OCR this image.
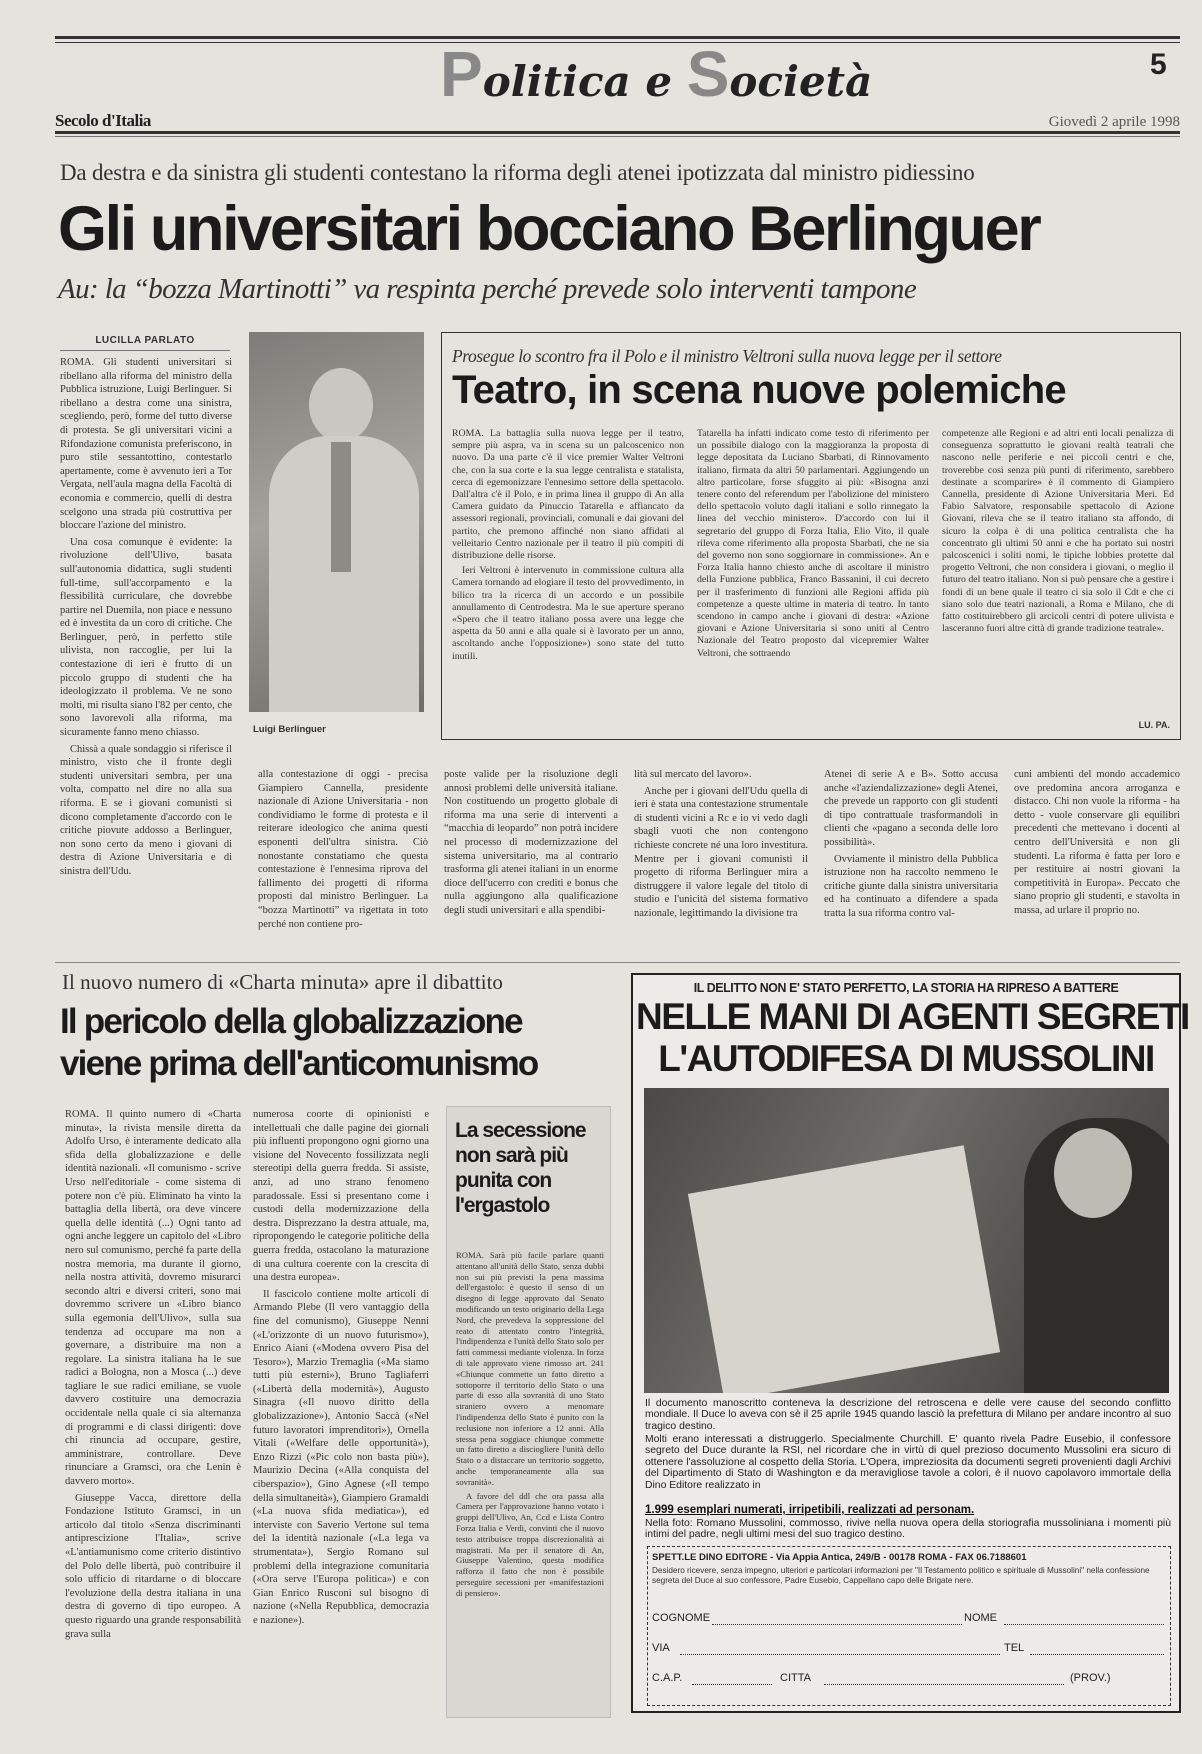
Politica e Società	5
Secolo d'Italia	Giovedì 2 aprile 1998
Da destra e da sinistra gli studenti contestano la riforma degli atenei ipotizzata dal ministro pidiessino
Gli universitari bocciano Berlinguer
Au: la “bozza Martinotti” va respinta perché prevede solo interventi tampone
LUCILLA PARLATO

ROMA. Gli studenti universitari si ribellano alla riforma del ministro della Pubblica istruzione, Luigi Berlinguer. Si ribellano a destra come una sinistra, scegliendo, però, forme del tutto diverse di protesta. Se gli universitari vicini a Rifondazione comunista preferiscono, in puro stile sessantottino, contestarlo apertamente, come è avvenuto ieri a Tor Vergata, nell'aula magna della Facoltà di economia e commercio, quelli di destra scelgono una strada più costruttiva per bloccare l'azione del ministro.

Una cosa comunque è evidente: la rivoluzione dell'Ulivo, basata sull'autonomia didattica, sugli studenti full-time, sull'accorpamento e la flessibilità curriculare, che dovrebbe partire nel Duemila, non piace e nessuno ed è investita da un coro di critiche. Che Berlinguer, però, in perfetto stile ulivista, non raccoglie, per lui la contestazione di ieri è frutto di un piccolo gruppo di studenti che ha ideologizzato il problema. Ve ne sono molti, mi risulta siano l'82 per cento, che sono lavorevoli alla riforma, ma sicuramente fanno meno chiasso.

Chissà a quale sondaggio si riferisce il ministro, visto che il fronte degli studenti universitari sembra, per una volta, compatto nel dire no alla sua riforma. E se i giovani comunisti si dicono completamente d'accordo con le critiche piovute addosso a Berlinguer, non sono certo da meno i giovani di destra di Azione Universitaria e di sinistra dell'Udu.

Luigi Berlinguer
Prosegue lo scontro fra il Polo e il ministro Veltroni sulla nuova legge per il settore
Teatro, in scena nuove polemiche

ROMA. La battaglia sulla nuova legge per il teatro, sempre più aspra, va in scena su un palcoscenico non nuovo. Da una parte c'è il vice premier Walter Veltroni che, con la sua corte e la sua legge centralista e statalista, cerca di egemonizzare l'ennesimo settore della spettacolo. Dall'altra c'è il Polo, e in prima linea il gruppo di An alla Camera guidato da Pinuccio Tatarella e affiancato da assessori regionali, provinciali, comunali e dai giovani del partito, che premono affinché non siano affidati al velleitario Centro nazionale per il teatro il più compiti di distribuzione delle risorse.

Ieri Veltroni è intervenuto in commissione cultura alla Camera tornando ad elogiare il testo del provvedimento, in bilico tra la ricerca di un accordo e un possibile annullamento di Centrodestra. Ma le sue aperture sperano «Spero che il teatro italiano possa avere una legge che aspetta da 50 anni e alla quale si è lavorato per un anno, ascoltando anche l'opposizione») sono state del tutto inutili.

Tatarella ha infatti indicato come testo di riferimento per un possibile dialogo con la maggioranza la proposta di legge depositata da Luciano Sbarbati, di Rinnovamento italiano, firmata da altri 50 parlamentari. Aggiungendo un altro particolare, forse sfuggito ai più: «Bisogna anzi tenere conto del referendum per l'abolizione del ministero dello spettacolo voluto dagli italiani e sollo rinnegato la linea del vecchio ministero». D'accordo con lui il segretario del gruppo di Forza Italia, Elio Vito, il quale rileva come riferimento alla proposta Sbarbati, che ne sia del governo non sono soggiornare in commissione». An e Forza Italia hanno chiesto anche di ascoltare il ministro della Funzione pubblica, Franco Bassanini, il cui decreto per il trasferimento di funzioni alle Regioni affida più competenze a queste ultime in materia di teatro. In tanto scendono in campo anche i giovani di destra: «Azione giovani e Azione Universitaria si sono uniti al Centro Nazionale del Teatro proposto dal vicepremier Walter Veltroni, che sottraendo

competenze alle Regioni e ad altri enti locali penalizza di conseguenza soprattutto le giovani realtà teatrali che nascono nelle periferie e nei piccoli centri e che, troverebbe così senza più punti di riferimento, sarebbero destinate a scomparire» è il commento di Giampiero Cannella, presidente di Azione Universitaria Meri. Ed Fabio Salvatore, responsabile spettacolo di Azione Giovani, rileva che se il teatro italiano sta affondo, di sicuro la colpa è di una politica centralista che ha concentrato gli ultimi 50 anni e che ha portato sui nostri palcoscenici i soliti nomi, le tipiche lobbies protette dal progetto Veltroni, che non considera i giovani, o meglio il futuro del teatro italiano. Non si può pensare che a gestire i fondi di un bene quale il teatro ci sia solo il Cdt e che ci siano solo due teatri nazionali, a Roma e Milano, che di fatto costituirebbero gli arcicoli centri di potere ulivista e lasceranno fuori altre città di grande tradizione teatrale».

LU. PA.

alla contestazione di oggi - precisa Giampiero Cannella, presidente nazionale di Azione Universitaria - non condividiamo le forme di protesta e il reiterare ideologico che anima questi esponenti dell'ultra sinistra. Ciò nonostante constatiamo che questa contestazione è l'ennesima riprova del fallimento dei progetti di riforma proposti dal ministro Berlinguer. La “bozza Martinotti” va rigettata in toto perché non contiene pro-

poste valide per la risoluzione degli annosi problemi delle università italiane. Non costituendo un progetto globale di riforma ma una serie di interventi a “macchia di leopardo” non potrà incidere nel processo di modernizzazione del sistema universitario, ma al contrario trasforma gli atenei italiani in un enorme dioce dell'ucerro con crediti e bonus che nulla aggiungono alla qualificazione degli studi universitari e alla spendibi-

lità sul mercato del lavoro».

Anche per i giovani dell'Udu quella di ieri è stata una contestazione strumentale di studenti vicini a Rc e io vi vedo dagli sbagli vuoti che non contengono richieste concrete né una loro investitura. Mentre per i giovani comunisti il progetto di riforma Berlinguer mira a distruggere il valore legale del titolo di studio e l'unicità del sistema formativo nazionale, legittimando la divisione tra

Atenei di serie A e B». Sotto accusa anche «l'aziendalizzazione» degli Atenei, che prevede un rapporto con gli studenti di tipo contrattuale trasformandoli in clienti che «pagano a seconda delle loro possibilità».

Ovviamente il ministro della Pubblica istruzione non ha raccolto nemmeno le critiche giunte dalla sinistra universitaria ed ha continuato a difendere a spada tratta la sua riforma contro val-

cuni ambienti del mondo accademico ove predomina ancora arroganza e distacco. Chi non vuole la riforma - ha detto - vuole conservare gli equilibri precedenti che mettevano i docenti al centro dell'Università e non gli studenti. La riforma è fatta per loro e per restituire ai nostri giovani la competitività in Europa». Peccato che siano proprio gli studenti, e stavolta in massa, ad urlare il proprio no.

Il nuovo numero di «Charta minuta» apre il dibattito
Il pericolo della globalizzazione
viene prima dell'anticomunismo

ROMA. Il quinto numero di «Charta minuta», la rivista mensile diretta da Adolfo Urso, è interamente dedicato alla sfida della globalizzazione e delle identità nazionali. «Il comunismo - scrive Urso nell'editoriale - come sistema di potere non c'è più. Eliminato ha vinto la battaglia della libertà, ora deve vincere quella delle identità (...) Ogni tanto ad ogni anche leggere un capitolo del «Libro nero sul comunismo, perché fa parte della nostra memoria, ma durante il giorno, nella nostra attività, dovremo misurarci secondo altri e diversi criteri, sono mai dovremmo scrivere un «Libro bianco sulla egemonia dell'Ulivo», sulla sua tendenza ad occupare ma non a governare, a distribuire ma non a regolare. La sinistra italiana ha le sue radici a Bologna, non a Mosca (...) deve tagliare le sue radici emiliane, se vuole davvero costituire una democrazia occidentale nella quale ci sia alternanza di programmi e di classi dirigenti: dove chi rinuncia ad occupare, gestire, amministrare, controllare. Deve rinunciare a Gramsci, ora che Lenin è davvero morto».

Giuseppe Vacca, direttore della Fondazione Istituto Gramsci, in un articolo dal titolo «Senza discriminanti antiprescizione l'Italia», scrive «L'antiamunismo come criterio distintivo del Polo delle libertà, può contribuire il solo ufficio di ritardarne o di bloccare l'evoluzione della destra italiana in una destra di governo di tipo europeo. A questo riguardo una grande responsabilità grava sulla

numerosa coorte di opinionisti e intellettuali che dalle pagine dei giornali più influenti propongono ogni giorno una visione del Novecento fossilizzata negli stereotipi della guerra fredda. Si assiste, anzi, ad uno strano fenomeno paradossale. Essi si presentano come i custodi della modernizzazione della destra. Disprezzano la destra attuale, ma, ripropongendo le categorie politiche della guerra fredda, ostacolano la maturazione di una cultura coerente con la crescita di una destra europea».

Il fascicolo contiene molte articoli di Armando Plebe (Il vero vantaggio della fine del comunismo), Giuseppe Nenni («L'orizzonte di un nuovo futurismo»), Enrico Aiani («Modena ovvero Pisa del Tesoro»), Marzio Tremaglia («Ma siamo tutti più esterni»), Bruno Tagliaferri («Libertà della modernità»), Augusto Sinagra («Il nuovo diritto della globalizzazione»), Antonio Saccà («Nel futuro lavoratori imprenditori»), Ornella Vitali («Welfare delle opportunità»), Enzo Rizzi («Pic colo non basta più»), Maurizio Decina («Alla conquista del ciberspazio»), Gino Agnese («Il tempo della simultaneità»), Giampiero Gramaldi («La nuova sfida mediatica»), ed interviste con Saverio Vertone sul tema del la identità nazionale («La lega va strumentata»), Sergio Romano sul problemi della integrazione comunitaria («Ora serve l'Europa politica») e con Gian Enrico Rusconi sul bisogno di nazione («Nella Repubblica, democrazia e nazione»).

La secessione non sarà più punita con l'ergastolo

ROMA. Sarà più facile parlare quanti attentano all'unità dello Stato, senza dubbi non sui più previsti la pena massima dell'ergastolo: è questo il senso di un disegno di legge approvato dal Senato modificando un testo originario della Lega Nord, che prevedeva la soppressione del reato di attentato contro l'integrità, l'indipendenza e l'unità dello Stato solo per fatti commessi mediante violenza. In forza di tale approvato viene rimosso art. 241 «Chiunque commette un fatto diretto a sottoporre il territorio dello Stato o una parte di esso alla sovranità di uno Stato straniero ovvero a menomare l'indipendenza dello Stato è punito con la reclusione non inferiore a 12 anni. Alla stessa pena soggiace chiunque commette un fatto diretto a disciogliere l'unità dello Stato o a distaccare un territorio soggetto, anche temporaneamente alla sua sovranità».

A favore del ddl che ora passa alla Camera per l'approvazione hanno votato i gruppi dell'Ulivo, An, Ccd e Lista Contro Forza Italia e Verdi, convinti che il nuovo testo attribuisce troppa discrezionalità ai magistrati. Ma per il senatore di An, Giuseppe Valentino, questa modifica rafforza il fatto che non è possibile perseguire secessioni per «manifestazioni di pensiero».

IL DELITTO NON E' STATO PERFETTO, LA STORIA HA RIPRESO A BATTERE
NELLE MANI DI AGENTI SEGRETI
L'AUTODIFESA DI MUSSOLINI
Il documento manoscritto conteneva la descrizione del retroscena e delle vere cause del secondo conflitto mondiale. Il Duce lo aveva con sè il 25 aprile 1945 quando lasciò la prefettura di Milano per andare incontro al suo tragico destino.
Molti erano interessati a distruggerlo. Specialmente Churchill. E' quanto rivela Padre Eusebio, il confessore segreto del Duce durante la RSI, nel ricordare che in virtù di quel prezioso documento Mussolini era sicuro di ottenere l'assoluzione al cospetto della Storia. L'Opera, impreziosita da documenti segreti provenienti dagli Archivi del Dipartimento di Stato di Washington e da meravigliose tavole a colori, è il nuovo capolavoro immortale della Dino Editore realizzato in
1.999 esemplari numerati, irripetibili, realizzati ad personam.
Nella foto: Romano Mussolini, commosso, rivive nella nuova opera della storiografia mussoliniana i momenti più intimi del padre, negli ultimi mesi del suo tragico destino.
SPETT.LE DINO EDITORE - Via Appia Antica, 249/B - 00178 ROMA - FAX 06.7188601
Desidero ricevere, senza impegno, ulteriori e particolari informazioni per "Il Testamento politico e spirituale di Mussolini" nella confessione segreta del Duce al suo confessore, Padre Eusebio, Cappellano capo delle Brigate nere.
COGNOME	NOME
VIA	TEL
C.A.P.	CITTA	(PROV.)
